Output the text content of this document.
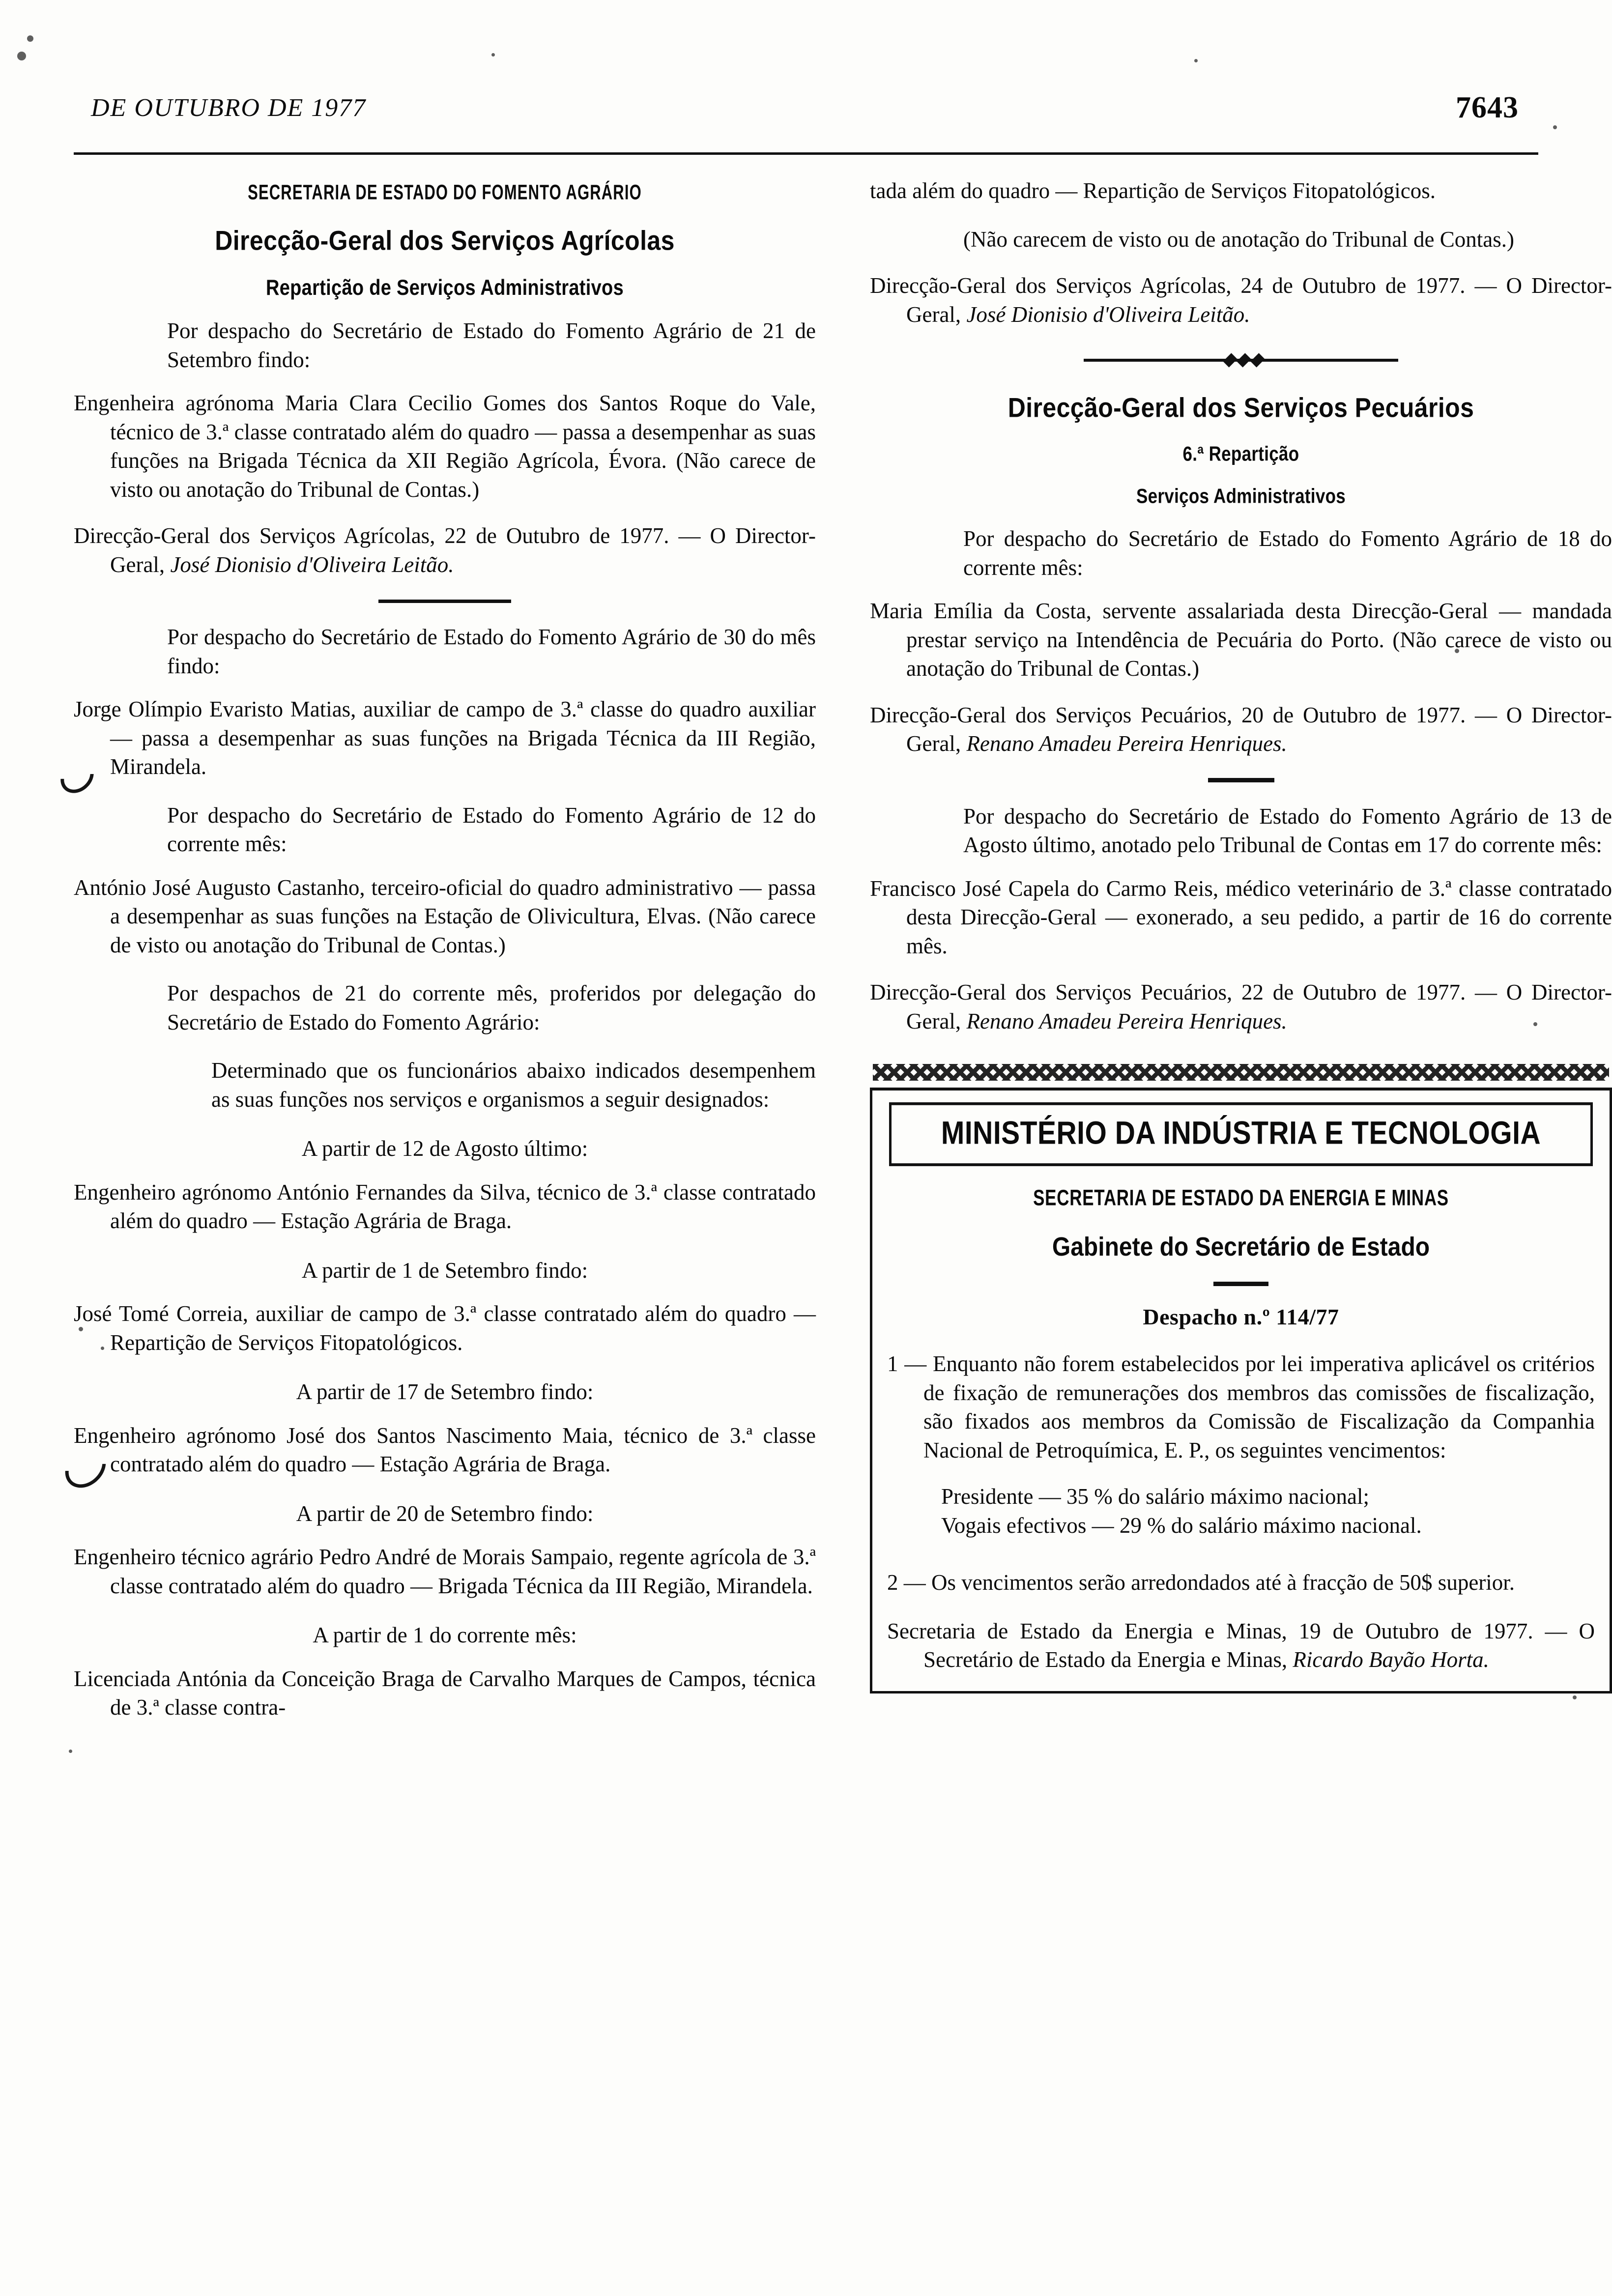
DE OUTUBRO DE 1977	7643
SECRETARIA DE ESTADO DO FOMENTO AGRÁRIO
Direcção-Geral dos Serviços Agrícolas
Repartição de Serviços Administrativos

Por despacho do Secretário de Estado do Fomento Agrário de 21 de Setembro findo:

Engenheira agrónoma Maria Clara Cecilio Gomes dos Santos Roque do Vale, técnico de 3.ª classe contratado além do quadro — passa a desempenhar as suas funções na Brigada Técnica da XII Região Agrícola, Évora. (Não carece de visto ou anotação do Tribunal de Contas.)

Direcção-Geral dos Serviços Agrícolas, 22 de Outubro de 1977. — O Director-Geral, José Dionisio d'Oliveira Leitão.

Por despacho do Secretário de Estado do Fomento Agrário de 30 do mês findo:

Jorge Olímpio Evaristo Matias, auxiliar de campo de 3.ª classe do quadro auxiliar — passa a desempenhar as suas funções na Brigada Técnica da III Região, Mirandela.

Por despacho do Secretário de Estado do Fomento Agrário de 12 do corrente mês:

António José Augusto Castanho, terceiro-oficial do quadro administrativo — passa a desempenhar as suas funções na Estação de Olivicultura, Elvas. (Não carece de visto ou anotação do Tribunal de Contas.)

Por despachos de 21 do corrente mês, proferidos por delegação do Secretário de Estado do Fomento Agrário:

Determinado que os funcionários abaixo indicados desempenhem as suas funções nos serviços e organismos a seguir designados:

A partir de 12 de Agosto último:

Engenheiro agrónomo António Fernandes da Silva, técnico de 3.ª classe contratado além do quadro — Estação Agrária de Braga.

A partir de 1 de Setembro findo:

José Tomé Correia, auxiliar de campo de 3.ª classe contratado além do quadro — Repartição de Serviços Fitopatológicos.

A partir de 17 de Setembro findo:

Engenheiro agrónomo José dos Santos Nascimento Maia, técnico de 3.ª classe contratado além do quadro — Estação Agrária de Braga.

A partir de 20 de Setembro findo:

Engenheiro técnico agrário Pedro André de Morais Sampaio, regente agrícola de 3.ª classe contratado além do quadro — Brigada Técnica da III Região, Mirandela.

A partir de 1 do corrente mês:

Licenciada Antónia da Conceição Braga de Carvalho Marques de Campos, técnica de 3.ª classe contra-

tada além do quadro — Repartição de Serviços Fitopatológicos.

(Não carecem de visto ou de anotação do Tribunal de Contas.)

Direcção-Geral dos Serviços Agrícolas, 24 de Outubro de 1977. — O Director-Geral, José Dionisio d'Oliveira Leitão.

Direcção-Geral dos Serviços Pecuários
6.ª Repartição
Serviços Administrativos

Por despacho do Secretário de Estado do Fomento Agrário de 18 do corrente mês:

Maria Emília da Costa, servente assalariada desta Direcção-Geral — mandada prestar serviço na Intendência de Pecuária do Porto. (Não carece de visto ou anotação do Tribunal de Contas.)

Direcção-Geral dos Serviços Pecuários, 20 de Outubro de 1977. — O Director-Geral, Renano Amadeu Pereira Henriques.

Por despacho do Secretário de Estado do Fomento Agrário de 13 de Agosto último, anotado pelo Tribunal de Contas em 17 do corrente mês:

Francisco José Capela do Carmo Reis, médico veterinário de 3.ª classe contratado desta Direcção-Geral — exonerado, a seu pedido, a partir de 16 do corrente mês.

Direcção-Geral dos Serviços Pecuários, 22 de Outubro de 1977. — O Director-Geral, Renano Amadeu Pereira Henriques.

MINISTÉRIO DA INDÚSTRIA E TECNOLOGIA
SECRETARIA DE ESTADO DA ENERGIA E MINAS
Gabinete do Secretário de Estado
Despacho n.º 114/77

1 — Enquanto não forem estabelecidos por lei imperativa aplicável os critérios de fixação de remunerações dos membros das comissões de fiscalização, são fixados aos membros da Comissão de Fiscalização da Companhia Nacional de Petroquímica, E. P., os seguintes vencimentos:

Presidente — 35 % do salário máximo nacional;

Vogais efectivos — 29 % do salário máximo nacional.

2 — Os vencimentos serão arredondados até à fracção de 50$ superior.

Secretaria de Estado da Energia e Minas, 19 de Outubro de 1977. — O Secretário de Estado da Energia e Minas, Ricardo Bayão Horta.
